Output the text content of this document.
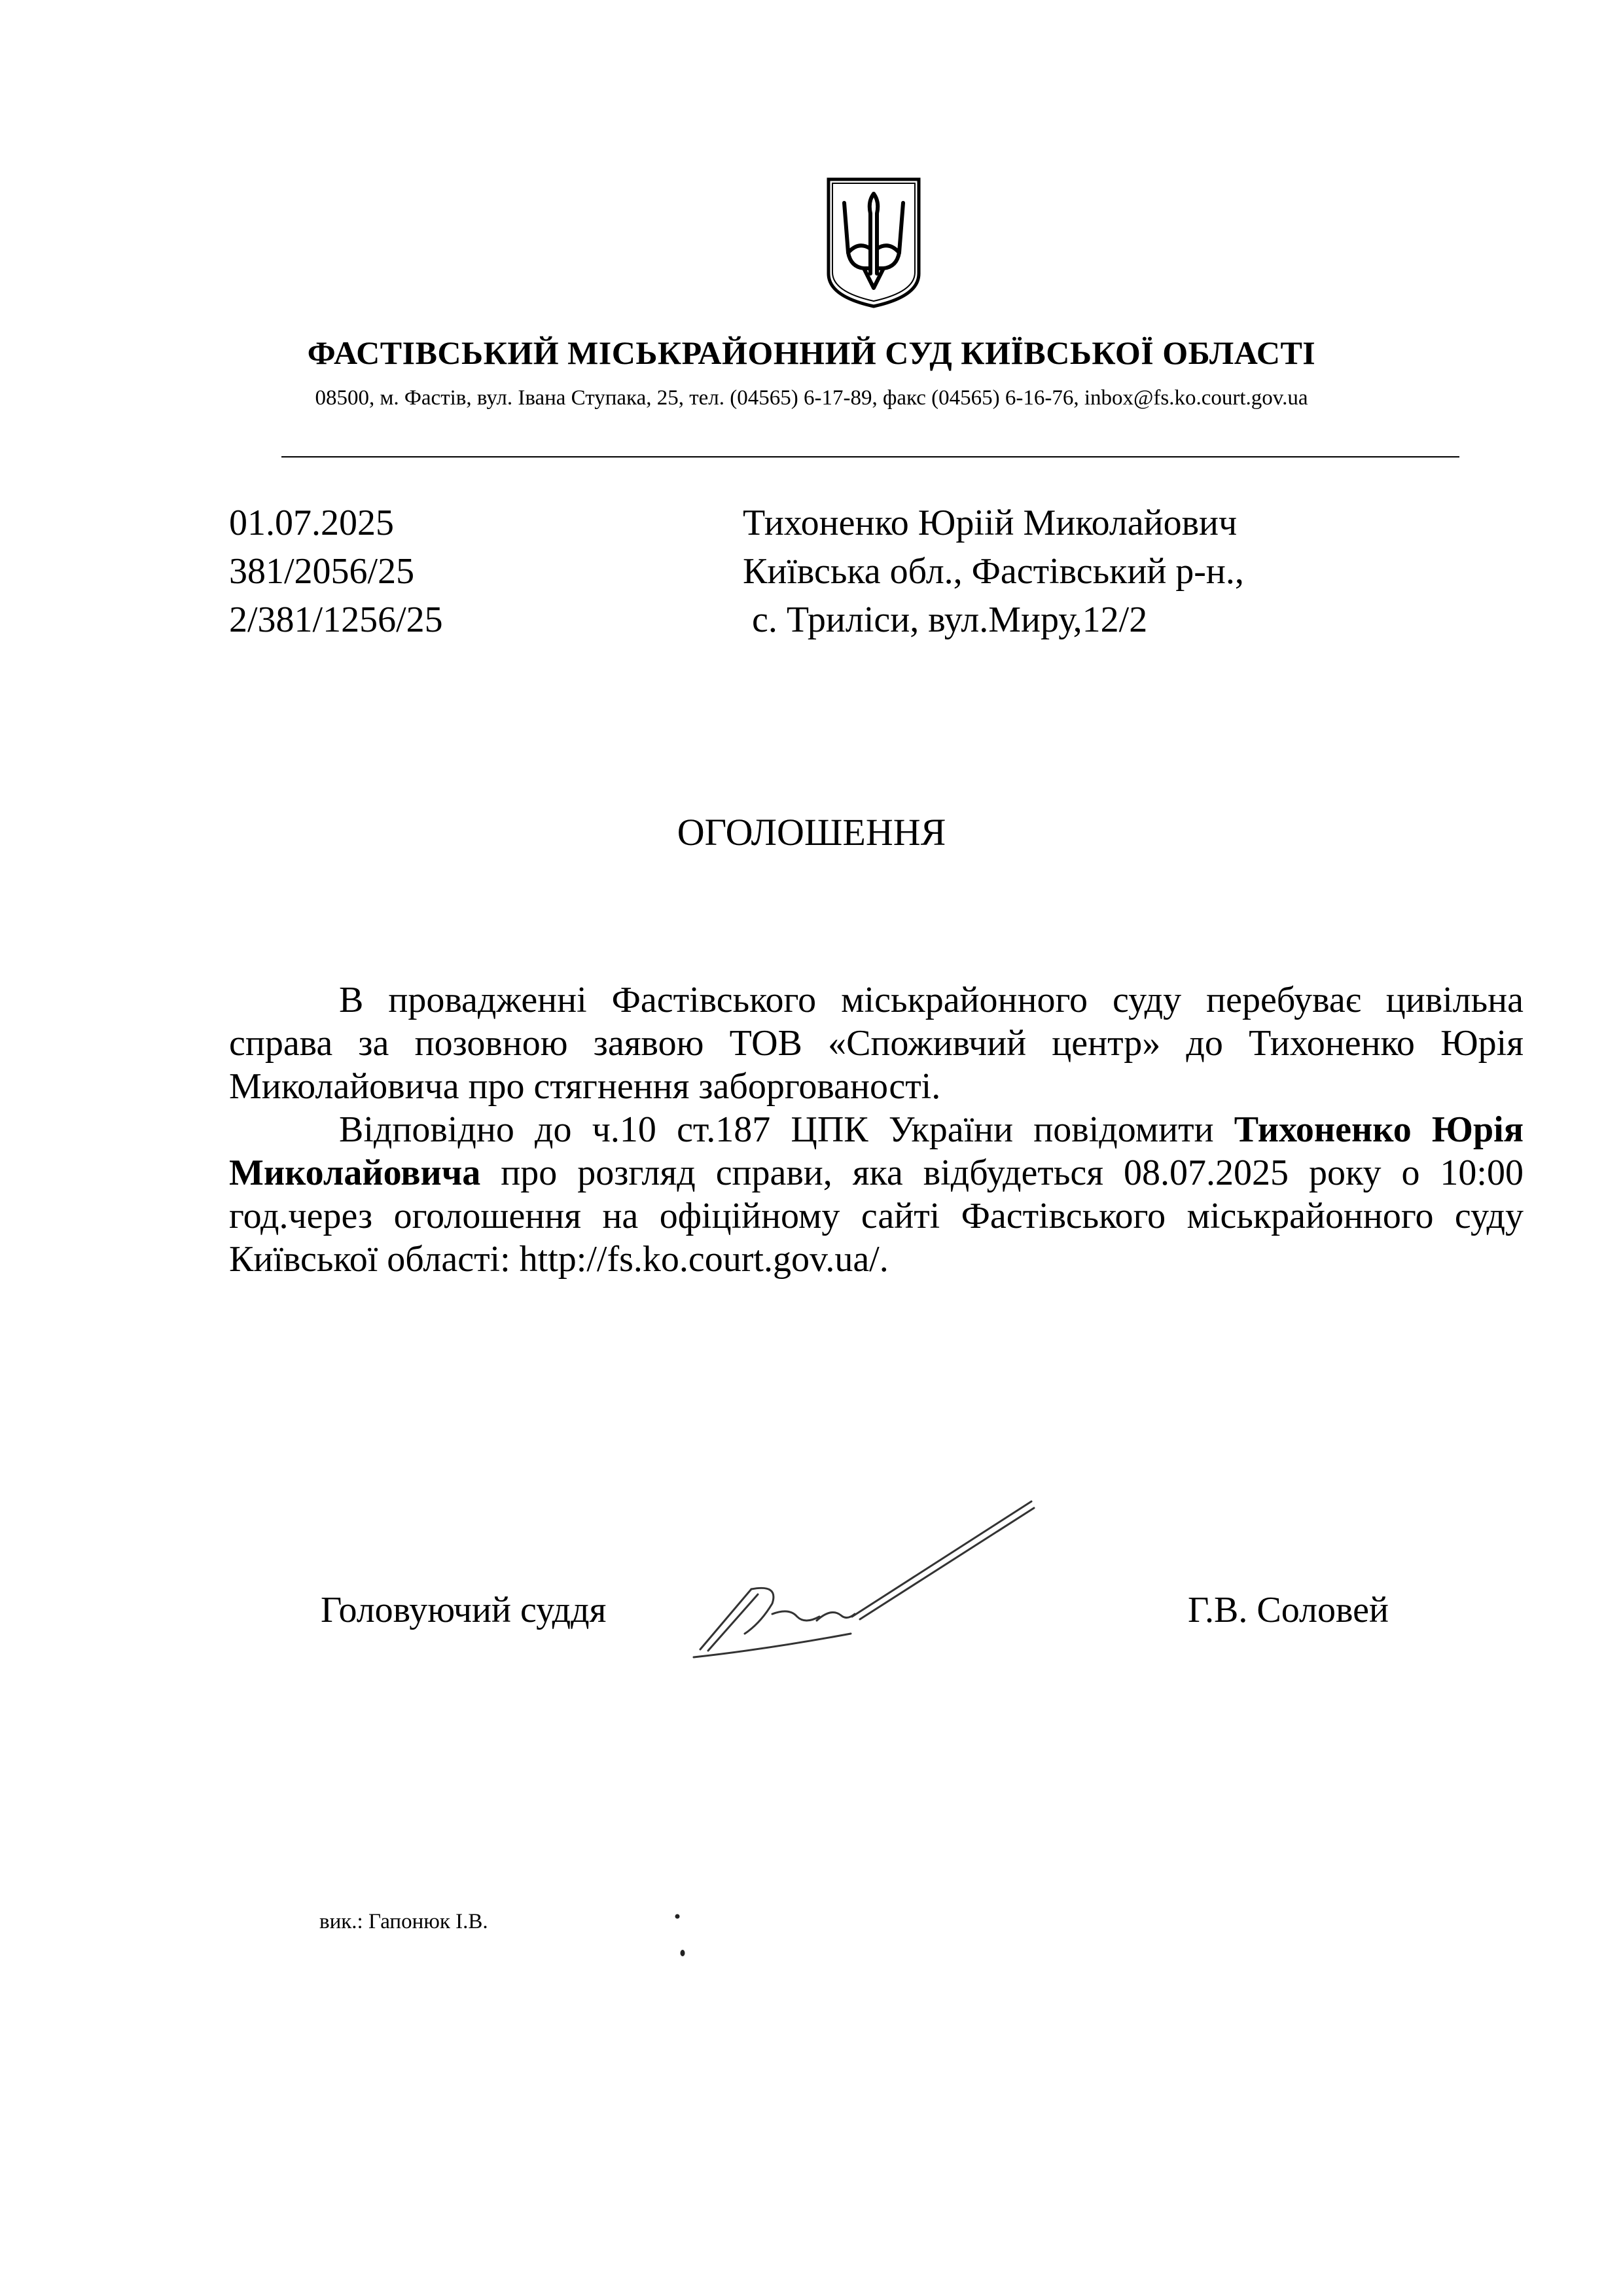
ФАСТІВСЬКИЙ МІСЬКРАЙОННИЙ СУД КИЇВСЬКОЇ ОБЛАСТІ
08500, м. Фастів, вул. Івана Ступака, 25, тел. (04565) 6-17-89, факс (04565) 6-16-76, inbox@fs.ko.court.gov.ua
01.07.2025
381/2056/25
2/381/1256/25
Тихоненко Юріій Миколайович
Київська обл., Фастівський р-н.,
с. Триліси, вул.Миру,12/2
ОГОЛОШЕННЯ

В провадженні Фастівського міськрайонного суду перебуває цивільна справа за позовною заявою ТОВ «Споживчий центр» до Тихоненко Юрія Миколайовича про стягнення заборгованості.

Відповідно до ч.10 ст.187 ЦПК України повідомити Тихоненко Юрія Миколайовича про розгляд справи, яка відбудеться 08.07.2025 року о 10:00 год.через оголошення на офіційному сайті Фастівського міськрайонного суду Київської області: http://fs.ko.court.gov.ua/.

Головуючий суддя	Г.В. Соловей
вик.: Гапонюк І.В.
